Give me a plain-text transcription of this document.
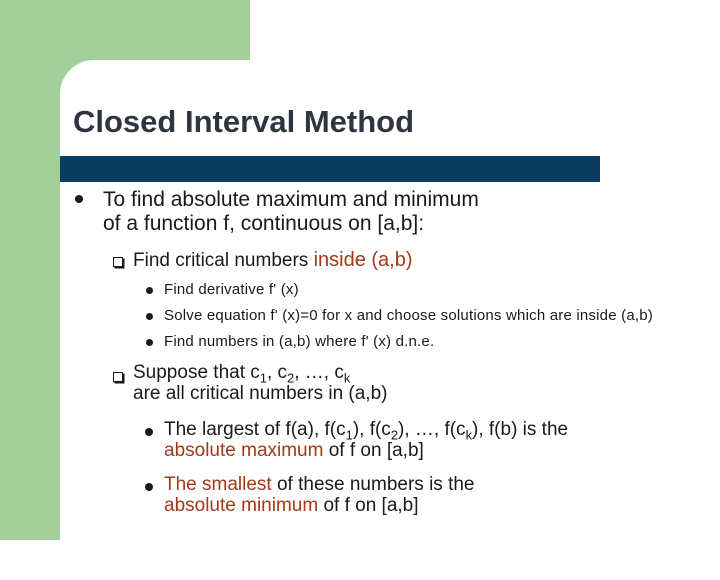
Closed Interval Method
To find absolute maximum and minimum
of a function f, continuous on [a,b]:
Find critical numbers inside (a,b)
Find derivative f' (x)
Solve equation f' (x)=0 for x and choose solutions which are inside (a,b)
Find numbers in (a,b) where f' (x) d.n.e.
Suppose that $c_1$, $c_2$, …, $c_k$
are all critical numbers in (a,b)
The largest of f(a), $f(c_1)$, $f(c_2)$, …, $f(c_k)$, f(b) is the
absolute maximum of f on [a,b]
The smallest of these numbers is the
absolute minimum of f on [a,b]
